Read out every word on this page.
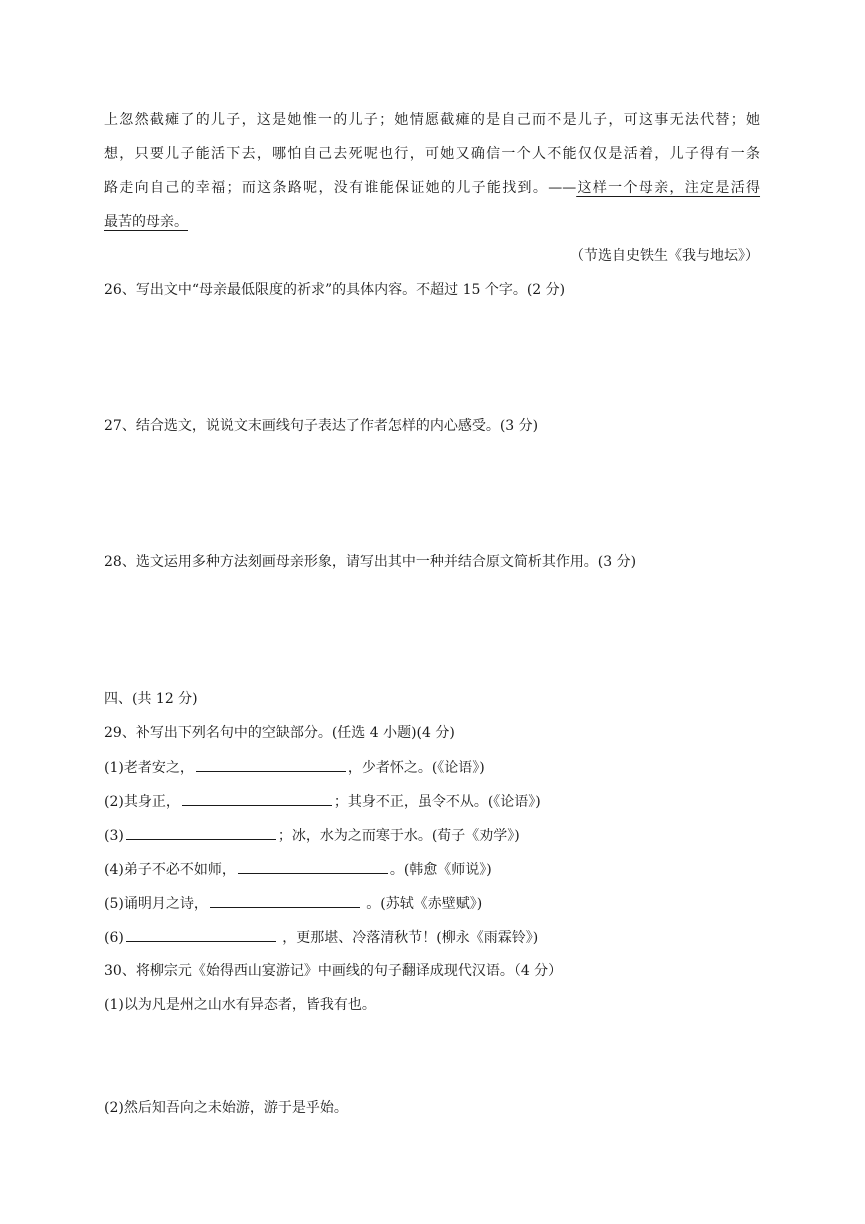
上忽然截瘫了的儿子，这是她惟一的儿子；她情愿截瘫的是自己而不是儿子，可这事无法代替；她
想，只要儿子能活下去，哪怕自己去死呢也行，可她又确信一个人不能仅仅是活着，儿子得有一条
路走向自己的幸福；而这条路呢，没有谁能保证她的儿子能找到。——这样一个母亲，注定是活得
最苦的母亲。
（节选自史铁生《我与地坛》）
26、写出文中“母亲最低限度的祈求”的具体内容。不超过 15 个字。(2 分)
27、结合选文，说说文末画线句子表达了作者怎样的内心感受。(3 分)
28、选文运用多种方法刻画母亲形象，请写出其中一种并结合原文简析其作用。(3 分)
四、(共 12 分)
29、补写出下列名句中的空缺部分。(任选 4 小题)(4 分)
(1)老者安之，	，少者怀之。(《论语》)
(2)其身正，	；其身不正，虽令不从。(《论语》)
(3)	；冰，水为之而寒于水。(荀子《劝学》)
(4)弟子不必不如师，	。(韩愈《师说》)
(5)诵明月之诗，	。(苏轼《赤壁赋》)
(6)	，更那堪、冷落清秋节！(柳永《雨霖铃》)
30、将柳宗元《始得西山宴游记》中画线的句子翻译成现代汉语。（4 分）
(1)以为凡是州之山水有异态者，皆我有也。
(2)然后知吾向之未始游，游于是乎始。
